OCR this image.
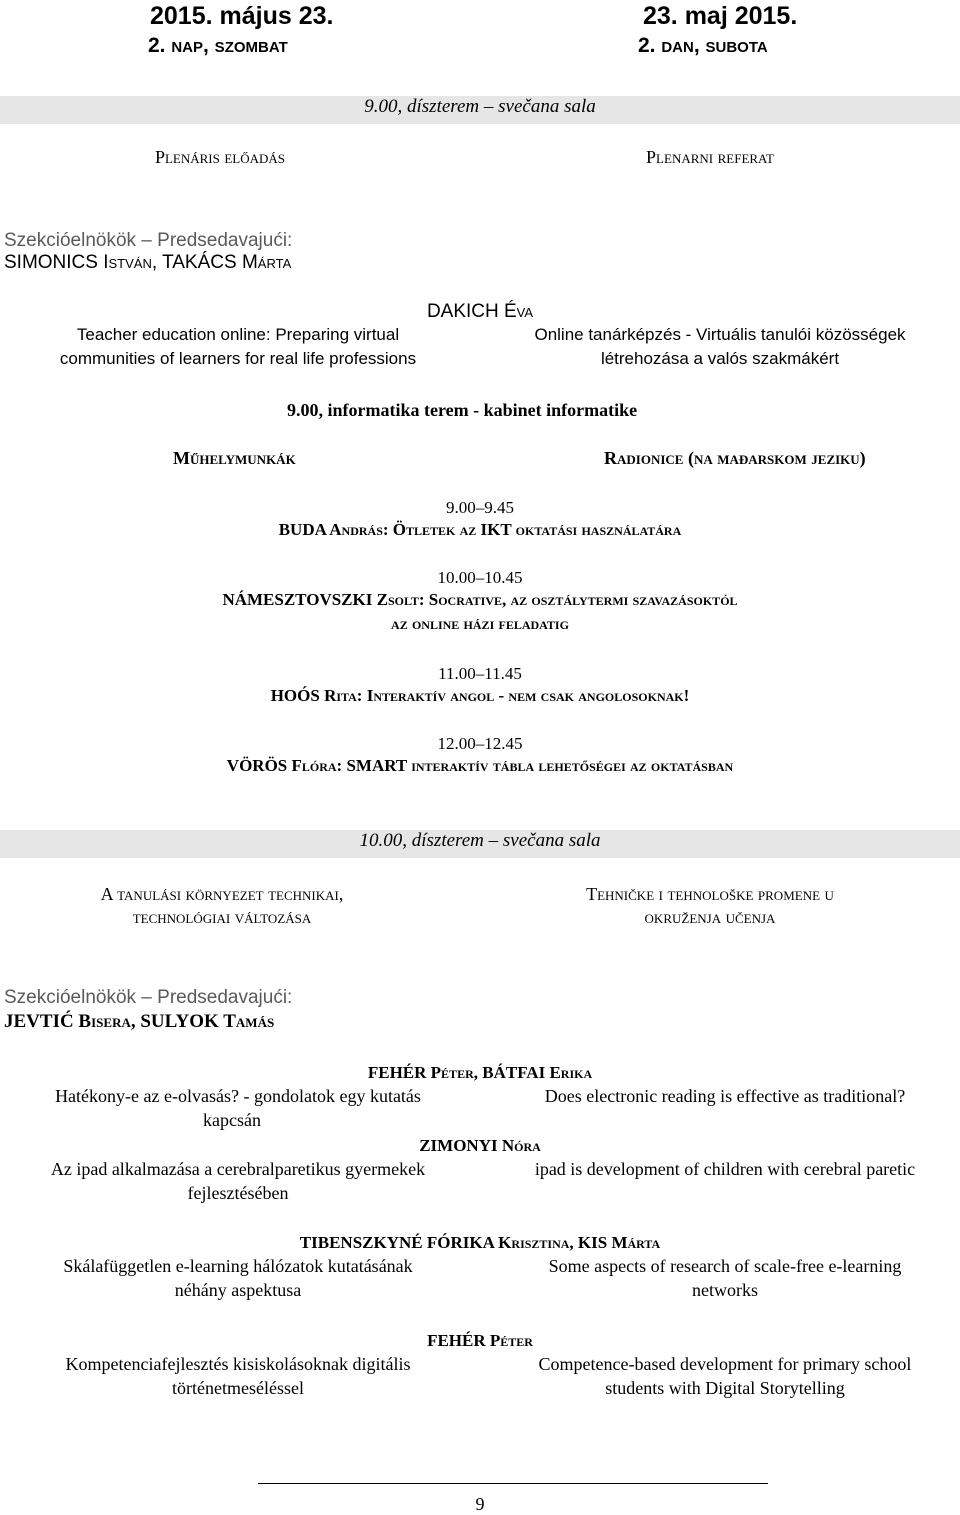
2015. május 23.
2. nap, szombat
23. maj 2015.
2. dan, subota
9.00, díszterem – svečana sala
Plenáris előadás	Plenarni referat
Szekcióelnökök – Predsedavajući:
SIMONICS István, TAKÁCS Márta
DAKICH Éva
Teacher education online: Preparing virtual
communities of learners for real life professions
Online tanárképzés - Virtuális tanulói közösségek
létrehozása a valós szakmákért
9.00, informatika terem - kabinet informatike
Műhelymunkák	Radionice (na mađarskom jeziku)
9.00–9.45
BUDA András: Ötletek az IKT oktatási használatára
10.00–10.45
NÁMESZTOVSZKI Zsolt: Socrative, az osztálytermi szavazásoktól
az online házi feladatig
11.00–11.45
HOÓS Rita: Interaktív angol - nem csak angolosoknak!
12.00–12.45
VÖRÖS Flóra: SMART interaktív tábla lehetőségei az oktatásban
10.00, díszterem – svečana sala
A tanulási környezet technikai,
technológiai változása
Tehničke i tehnološke promene u
okruženja učenja
Szekcióelnökök – Predsedavajući:
JEVTIĆ Bisera, SULYOK Tamás
FEHÉR Péter, BÁTFAI Erika
Hatékony-e az e-olvasás? - gondolatok egy kutatás
kapcsán
Does electronic reading is effective as traditional?
ZIMONYI Nóra
Az ipad alkalmazása a cerebralparetikus gyermekek
fejlesztésében
ipad is development of children with cerebral paretic
TIBENSZKYNÉ FÓRIKA Krisztina, KIS Márta
Skálafüggetlen e-learning hálózatok kutatásának
néhány aspektusa
Some aspects of research of scale-free e-learning
networks
FEHÉR Péter
Kompetenciafejlesztés kisiskolásoknak digitális
történetmeséléssel
Competence-based development for primary school
students with Digital Storytelling
9
